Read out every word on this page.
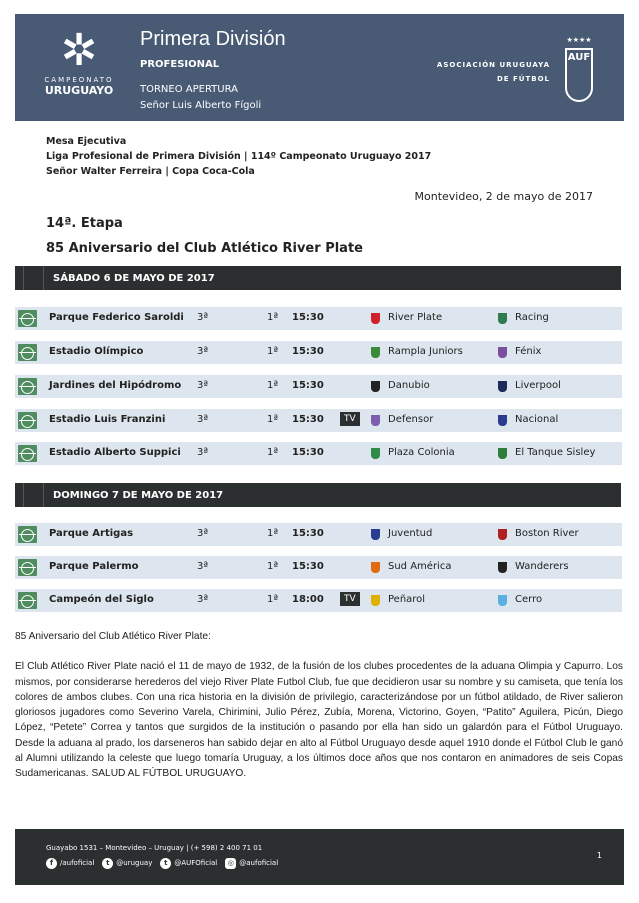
✲
CAMPEONATO
URUGUAYO
Primera División
PROFESIONAL
TORNEO APERTURA
Señor Luis Alberto Fígoli
ASOCIACIÓN URUGUAYA
DE FÚTBOL
★★★★
AUF
Mesa Ejecutiva
Liga Profesional de Primera División | 114º Campeonato Uruguayo 2017
Señor Walter Ferreira | Copa Coca-Cola
Montevideo, 2 de mayo de 2017
14ª. Etapa
85 Aniversario del Club Atlético River Plate
SÁBADO 6 DE MAYO DE 2017
Parque Federico Saroldi 3ª	1ª 15:30	River Plate	Racing
Estadio Olímpico	3ª	1ª 15:30	Rampla Juniors	Fénix
Jardines del Hipódromo 3ª	1ª 15:30	Danubio	Liverpool
Estadio Luis Franzini	3ª	1ª 15:30	TV	Defensor	Nacional
Estadio Alberto Suppici 3ª	1ª 15:30	Plaza Colonia	El Tanque Sisley
DOMINGO 7 DE MAYO DE 2017
Parque Artigas	3ª	1ª 15:30	Juventud	Boston River
Parque Palermo	3ª	1ª 15:30	Sud América	Wanderers
Campeón del Siglo	3ª	1ª 18:00	TV	Peñarol	Cerro

85 Aniversario del Club Atlético River Plate:

El Club Atlético River Plate nació el 11 de mayo de 1932, de la fusión de los clubes procedentes de la aduana Olimpia y Capurro. Los mismos, por considerarse herederos del viejo River Plate Futbol Club, fue que decidieron usar su nombre y su camiseta, que tenía los colores de ambos clubes. Con una rica historia en la división de privilegio, caracterizándose por un fútbol atildado, de River salieron gloriosos jugadores como Severino Varela, Chirimini, Julio Pérez, Zubía, Morena, Victorino, Goyen, “Patito” Aguilera, Picún, Diego López, “Petete” Correa y tantos que surgidos de la institución o pasando por ella han sido un galardón para el Fútbol Uruguayo. Desde la aduana al prado, los darseneros han sabido dejar en alto al Fútbol Uruguayo desde aquel 1910 donde el Fútbol Club le ganó al Alumni utilizando la celeste que luego tomaría Uruguay, a los últimos doce años que nos contaron en animadores de seis Copas Sudamericanas. SALUD AL FÚTBOL URUGUAYO.

Guayabo 1531 – Montevideo – Uruguay | (+ 598) 2 400 71 01
f /aufoficial	t @uruguay	t @AUFOficial	◎ @aufoficial
1
